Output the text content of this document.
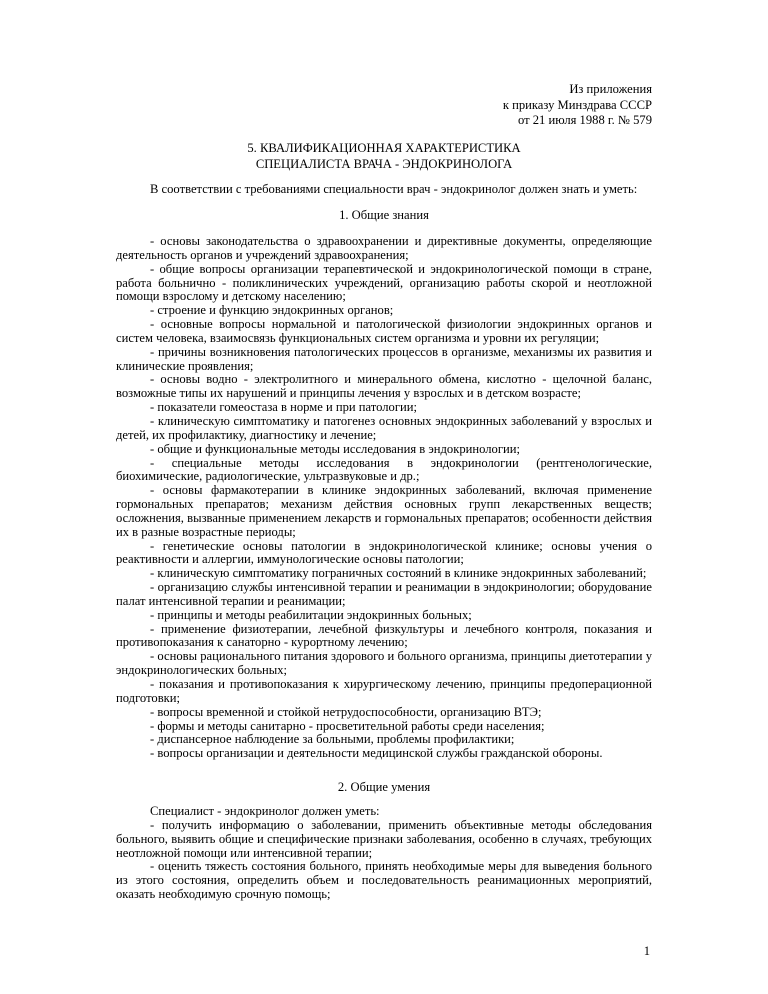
Из приложения
к приказу Минздрава СССР
от 21 июля 1988 г. № 579
5. КВАЛИФИКАЦИОННАЯ ХАРАКТЕРИСТИКА
СПЕЦИАЛИСТА ВРАЧА - ЭНДОКРИНОЛОГА
В соответствии с требованиями специальности врач - эндокринолог должен знать и уметь:
1. Общие знания

- основы законодательства о здравоохранении и директивные документы, определяющие деятельность органов и учреждений здравоохранения;

- общие вопросы организации терапевтической и эндокринологической помощи в стране, работа больнично - поликлинических учреждений, организацию работы скорой и неотложной помощи взрослому и детскому населению;

- строение и функцию эндокринных органов;

- основные вопросы нормальной и патологической физиологии эндокринных органов и систем человека, взаимосвязь функциональных систем организма и уровни их регуляции;

- причины возникновения патологических процессов в организме, механизмы их развития и клинические проявления;

- основы водно - электролитного и минерального обмена, кислотно - щелочной баланс, возможные типы их нарушений и принципы лечения у взрослых и в детском возрасте;

- показатели гомеостаза в норме и при патологии;

- клиническую симптоматику и патогенез основных эндокринных заболеваний у взрослых и детей, их профилактику, диагностику и лечение;

- общие и функциональные методы исследования в эндокринологии;

- специальные методы исследования в эндокринологии (рентгенологические, биохимические, радиологические, ультразвуковые и др.;

- основы фармакотерапии в клинике эндокринных заболеваний, включая применение гормональных препаратов; механизм действия основных групп лекарственных веществ; осложнения, вызванные применением лекарств и гормональных препаратов; особенности действия их в разные возрастные периоды;

- генетические основы патологии в эндокринологической клинике; основы учения о реактивности и аллергии, иммунологические основы патологии;

- клиническую симптоматику пограничных состояний в клинике эндокринных заболеваний;

- организацию службы интенсивной терапии и реанимации в эндокринологии; оборудование палат интенсивной терапии и реанимации;

- принципы и методы реабилитации эндокринных больных;

- применение физиотерапии, лечебной физкультуры и лечебного контроля, показания и противопоказания к санаторно - курортному лечению;

- основы рационального питания здорового и больного организма, принципы диетотерапии у эндокринологических больных;

- показания и противопоказания к хирургическому лечению, принципы предоперационной подготовки;

- вопросы временной и стойкой нетрудоспособности, организацию ВТЭ;

- формы и методы санитарно - просветительной работы среди населения;

- диспансерное наблюдение за больными, проблемы профилактики;

- вопросы организации и деятельности медицинской службы гражданской обороны.

2. Общие умения

Специалист - эндокринолог должен уметь:

- получить информацию о заболевании, применить объективные методы обследования больного, выявить общие и специфические признаки заболевания, особенно в случаях, требующих неотложной помощи или интенсивной терапии;

- оценить тяжесть состояния больного, принять необходимые меры для выведения больного из этого состояния, определить объем и последовательность реанимационных мероприятий, оказать необходимую срочную помощь;

1
